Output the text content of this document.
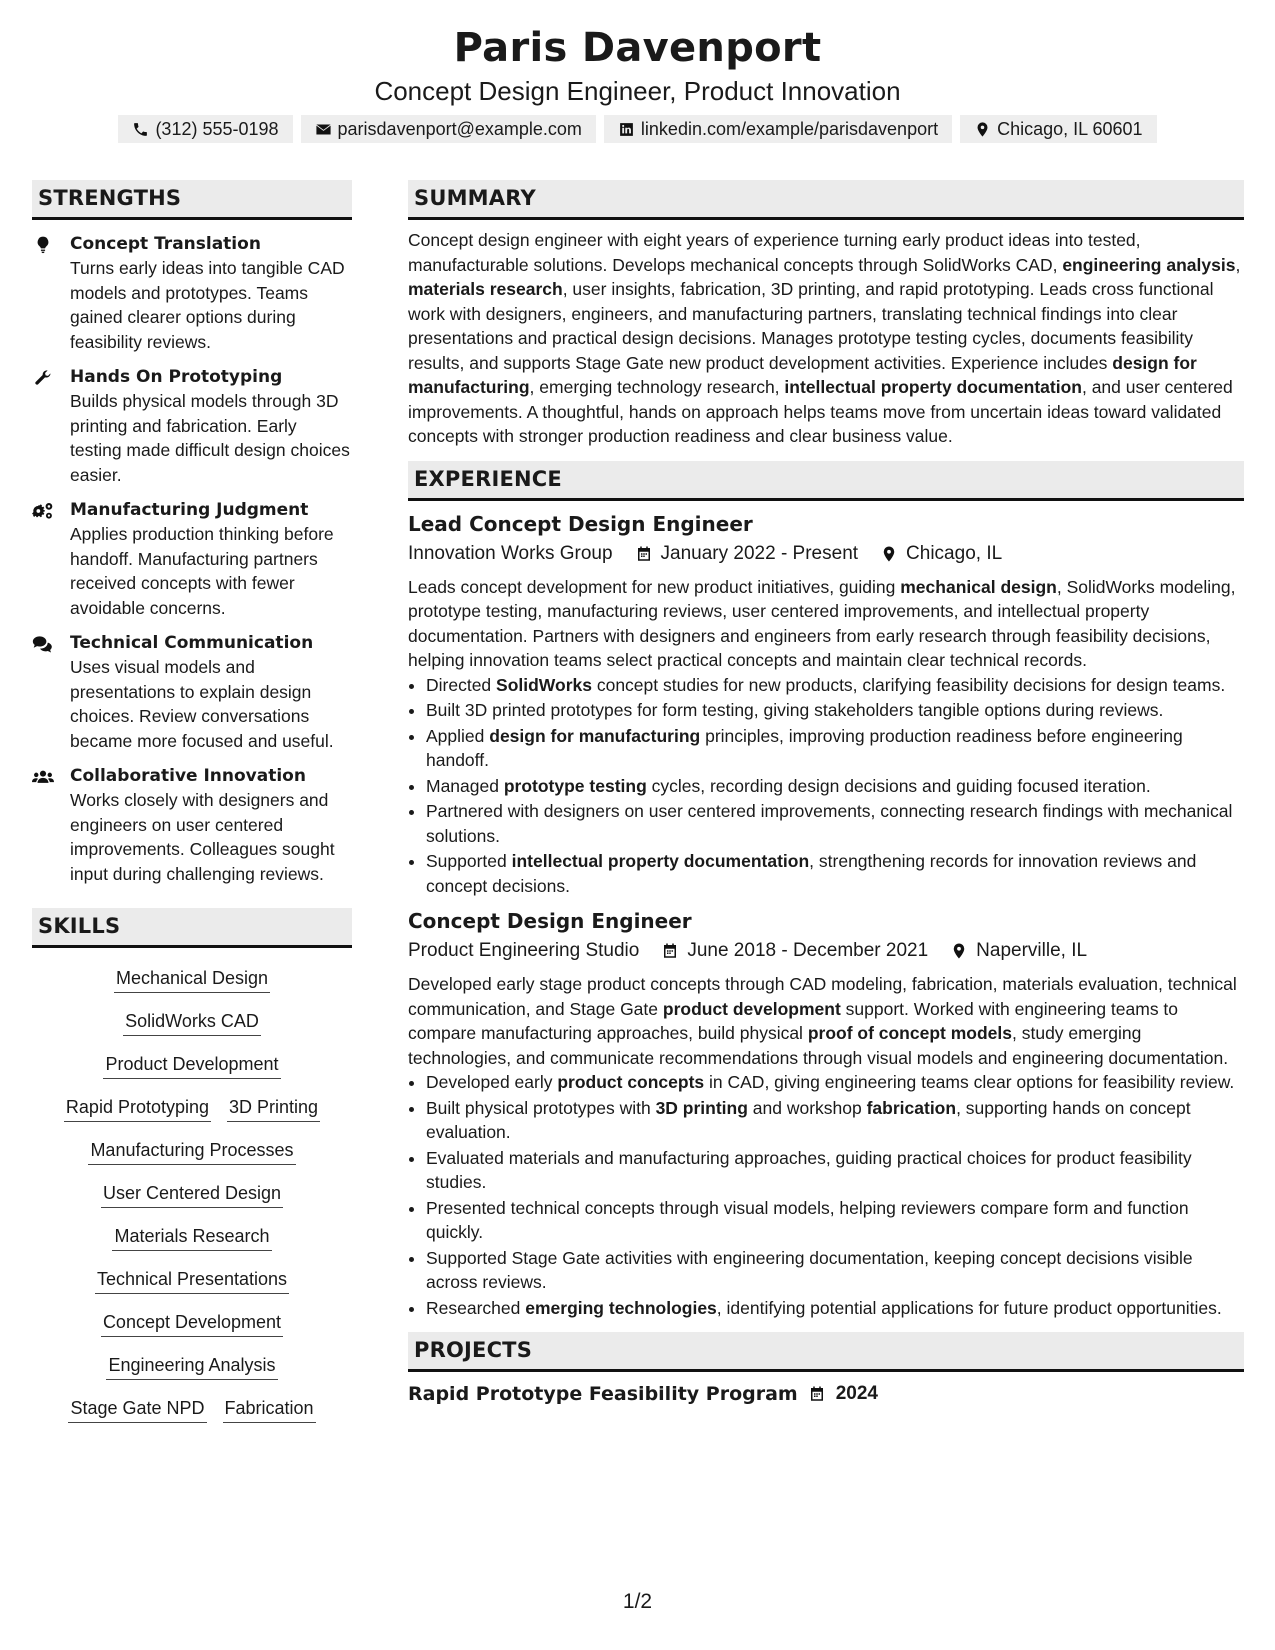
Paris Davenport
Concept Design Engineer, Product Innovation
(312) 555-0198	parisdavenport@example.com	linkedin.com/example/parisdavenport	Chicago, IL 60601
STRENGTHS
Concept Translation
Turns early ideas into tangible CAD models and prototypes. Teams gained clearer options during feasibility reviews.
Hands On Prototyping
Builds physical models through 3D printing and fabrication. Early testing made difficult design choices easier.
Manufacturing Judgment
Applies production thinking before handoff. Manufacturing partners received concepts with fewer avoidable concerns.
Technical Communication
Uses visual models and presentations to explain design choices. Review conversations became more focused and useful.
Collaborative Innovation
Works closely with designers and engineers on user centered improvements. Colleagues sought input during challenging reviews.
SKILLS
Mechanical Design
SolidWorks CAD
Product Development
Rapid Prototyping 3D Printing
Manufacturing Processes
User Centered Design
Materials Research
Technical Presentations
Concept Development
Engineering Analysis
Stage Gate NPD Fabrication
SUMMARY
Concept design engineer with eight years of experience turning early product ideas into tested, manufacturable solutions. Develops mechanical concepts through SolidWorks CAD, engineering analysis, materials research, user insights, fabrication, 3D printing, and rapid prototyping. Leads cross functional work with designers, engineers, and manufacturing partners, translating technical findings into clear presentations and practical design decisions. Manages prototype testing cycles, documents feasibility results, and supports Stage Gate new product development activities. Experience includes design for manufacturing, emerging technology research, intellectual property documentation, and user centered improvements. A thoughtful, hands on approach helps teams move from uncertain ideas toward validated concepts with stronger production readiness and clear business value.
EXPERIENCE
Lead Concept Design Engineer
Innovation Works Group	January 2022 - Present	Chicago, IL
Leads concept development for new product initiatives, guiding mechanical design, SolidWorks modeling, prototype testing, manufacturing reviews, user centered improvements, and intellectual property documentation. Partners with designers and engineers from early research through feasibility decisions, helping innovation teams select practical concepts and maintain clear technical records.
• Directed SolidWorks concept studies for new products, clarifying feasibility decisions for design teams.
• Built 3D printed prototypes for form testing, giving stakeholders tangible options during reviews.
• Applied design for manufacturing principles, improving production readiness before engineering handoff.
• Managed prototype testing cycles, recording design decisions and guiding focused iteration.
• Partnered with designers on user centered improvements, connecting research findings with mechanical solutions.
• Supported intellectual property documentation, strengthening records for innovation reviews and concept decisions.
Concept Design Engineer
Product Engineering Studio	June 2018 - December 2021	Naperville, IL
Developed early stage product concepts through CAD modeling, fabrication, materials evaluation, technical communication, and Stage Gate product development support. Worked with engineering teams to compare manufacturing approaches, build physical proof of concept models, study emerging technologies, and communicate recommendations through visual models and engineering documentation.
• Developed early product concepts in CAD, giving engineering teams clear options for feasibility review.
• Built physical prototypes with 3D printing and workshop fabrication, supporting hands on concept evaluation.
• Evaluated materials and manufacturing approaches, guiding practical choices for product feasibility studies.
• Presented technical concepts through visual models, helping reviewers compare form and function quickly.
• Supported Stage Gate activities with engineering documentation, keeping concept decisions visible across reviews.
• Researched emerging technologies, identifying potential applications for future product opportunities.
PROJECTS
Rapid Prototype Feasibility Program 2024
1/2
